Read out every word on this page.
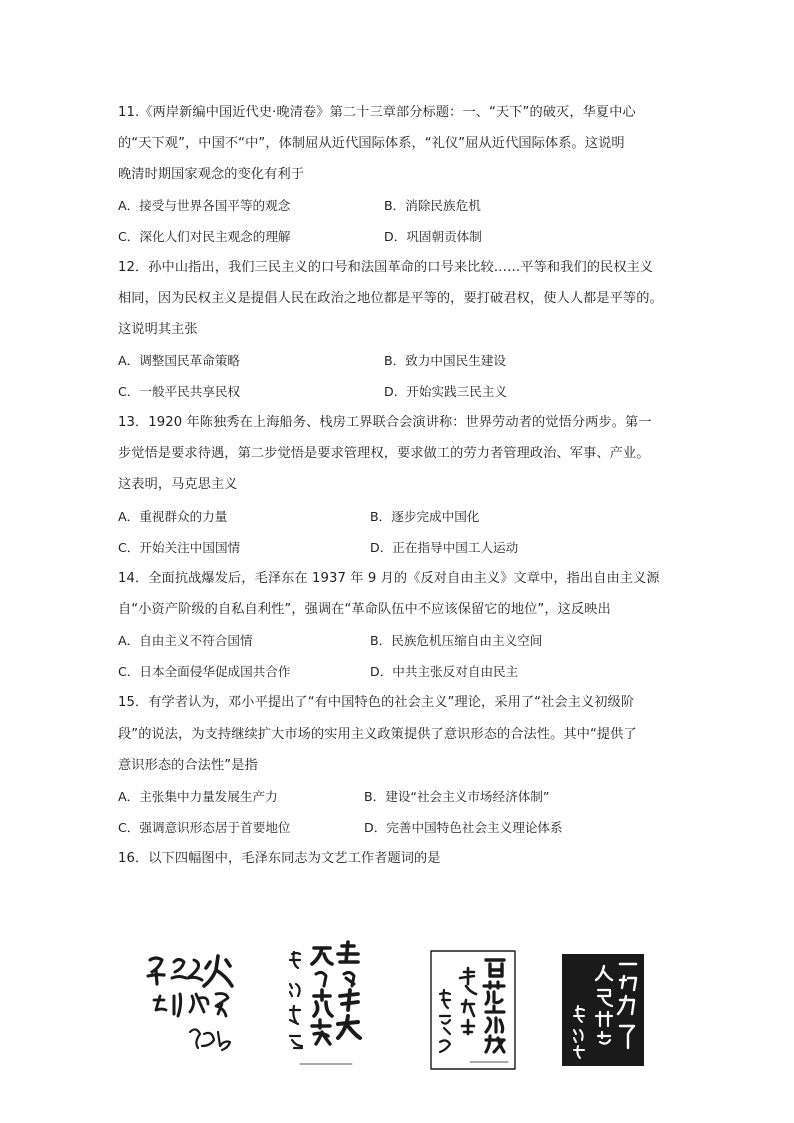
11.《两岸新编中国近代史·晚清卷》第二十三章部分标题：一、“天下”的破灭，华夏中心
的“天下观”，中国不“中”，体制屈从近代国际体系，“礼仪”屈从近代国际体系。这说明
晚清时期国家观念的变化有利于
A．接受与世界各国平等的观念	B．消除民族危机
C．深化人们对民主观念的理解	D．巩固朝贡体制
12．孙中山指出，我们三民主义的口号和法国革命的口号来比较……平等和我们的民权主义
相同，因为民权主义是提倡人民在政治之地位都是平等的，要打破君权，使人人都是平等的。
这说明其主张
A．调整国民革命策略	B．致力中国民生建设
C．一般平民共享民权	D．开始实践三民主义
13．1920 年陈独秀在上海船务、栈房工界联合会演讲称：世界劳动者的觉悟分两步。第一
步觉悟是要求待遇，第二步觉悟是要求管理权，要求做工的劳力者管理政治、军事、产业。
这表明，马克思主义
A．重视群众的力量	B．逐步完成中国化
C．开始关注中国国情	D．正在指导中国工人运动
14．全面抗战爆发后，毛泽东在 1937 年 9 月的《反对自由主义》文章中，指出自由主义源
自“小资产阶级的自私自利性”，强调在“革命队伍中不应该保留它的地位”，这反映出
A．自由主义不符合国情	B．民族危机压缩自由主义空间
C．日本全面侵华促成国共合作	D．中共主张反对自由民主
15．有学者认为，邓小平提出了“有中国特色的社会主义”理论，采用了“社会主义初级阶
段”的说法，为支持继续扩大市场的实用主义政策提供了意识形态的合法性。其中“提供了
意识形态的合法性”是指
A．主张集中力量发展生产力	B．建设“社会主义市场经济体制”
C．强调意识形态居于首要地位	D．完善中国特色社会主义理论体系
16．以下四幅图中，毛泽东同志为文艺工作者题词的是
